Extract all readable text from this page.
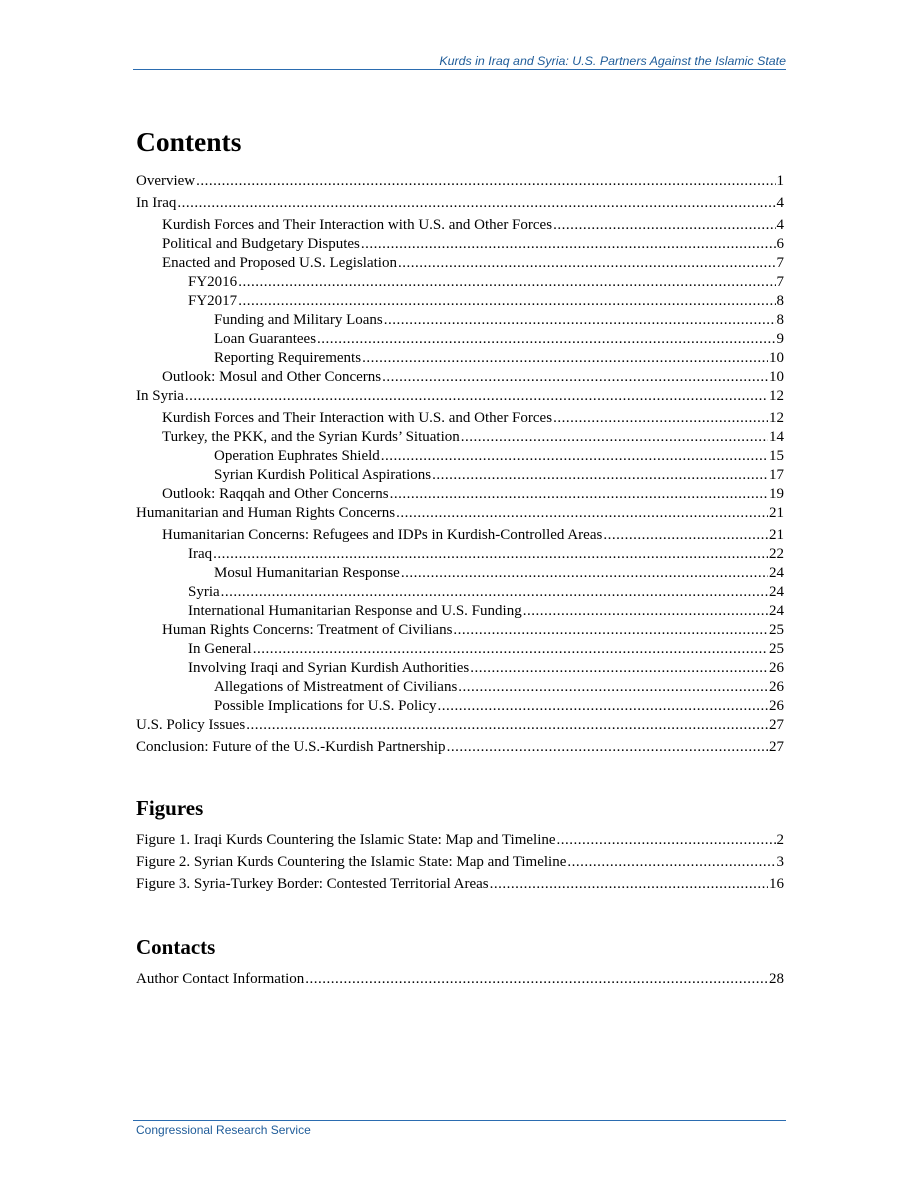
Kurds in Iraq and Syria: U.S. Partners Against the Islamic State
Contents
Overview .....	1
In Iraq .....	4
Kurdish Forces and Their Interaction with U.S. and Other Forces .....	4
Political and Budgetary Disputes .....	6
Enacted and Proposed U.S. Legislation .....	7
FY2016 .....	7
FY2017 .....	8
Funding and Military Loans .....	8
Loan Guarantees .....	9
Reporting Requirements .....	10
Outlook: Mosul and Other Concerns .....	10
In Syria .....	12
Kurdish Forces and Their Interaction with U.S. and Other Forces .....	12
Turkey, the PKK, and the Syrian Kurds’ Situation .....	14
Operation Euphrates Shield .....	15
Syrian Kurdish Political Aspirations .....	17
Outlook: Raqqah and Other Concerns .....	19
Humanitarian and Human Rights Concerns .....	21
Humanitarian Concerns: Refugees and IDPs in Kurdish-Controlled Areas .....	21
Iraq .....	22
Mosul Humanitarian Response .....	24
Syria .....	24
International Humanitarian Response and U.S. Funding .....	24
Human Rights Concerns: Treatment of Civilians .....	25
In General .....	25
Involving Iraqi and Syrian Kurdish Authorities .....	26
Allegations of Mistreatment of Civilians .....	26
Possible Implications for U.S. Policy .....	26
U.S. Policy Issues .....	27
Conclusion: Future of the U.S.-Kurdish Partnership .....	27
Figures
Figure 1. Iraqi Kurds Countering the Islamic State: Map and Timeline .....	2
Figure 2. Syrian Kurds Countering the Islamic State: Map and Timeline .....	3
Figure 3. Syria-Turkey Border: Contested Territorial Areas .....	16
Contacts
Author Contact Information .....	28
Congressional Research Service
